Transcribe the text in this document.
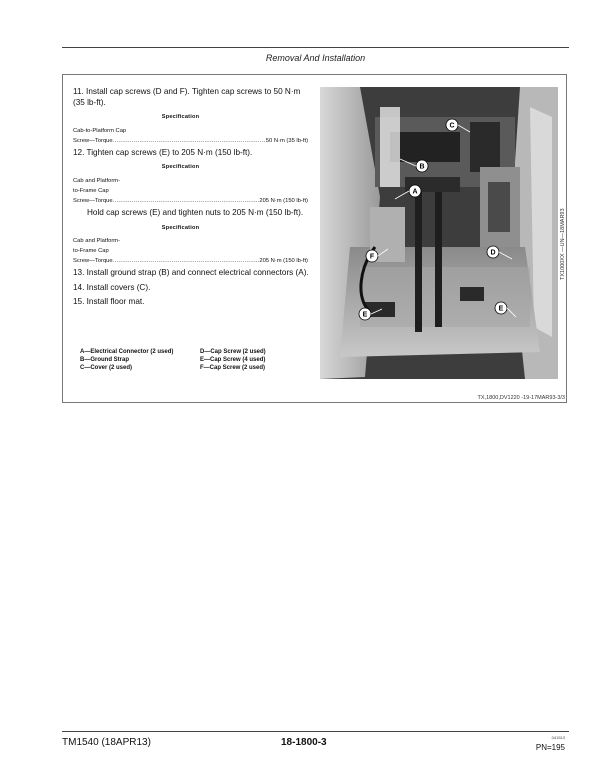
Removal And Installation

11. Install cap screws (D and F). Tighten cap screws to 50 N·m (35 lb-ft).

Specification
Cab-to-Platform Cap
Screw—Torque .....	50 N·m (35 lb-ft)

12. Tighten cap screws (E) to 205 N·m (150 lb-ft).

Specification
Cab and Platform-
to-Frame Cap
Screw—Torque .....	205 N·m (150 lb-ft)

Hold cap screws (E) and tighten nuts to 205 N·m (150 lb-ft).

Specification
Cab and Platform-
to-Frame Cap
Screw—Torque .....	205 N·m (150 lb-ft)

13. Install ground strap (B) and connect electrical connectors (A).

14. Install covers (C).

15. Install floor mat.

A—Electrical Connector (2 used)
B—Ground Strap
C—Cover (2 used)
D—Cap Screw (2 used)
E—Cap Screw (4 used)
F—Cap Screw (2 used)
C
B
A
F
D
E
E
TX1000XX —UN—18MAR93
TX,1800,DV1220 -19-17MAR93-3/3
TM1540 (18APR13)	18-1800-3	041513
PN=195
